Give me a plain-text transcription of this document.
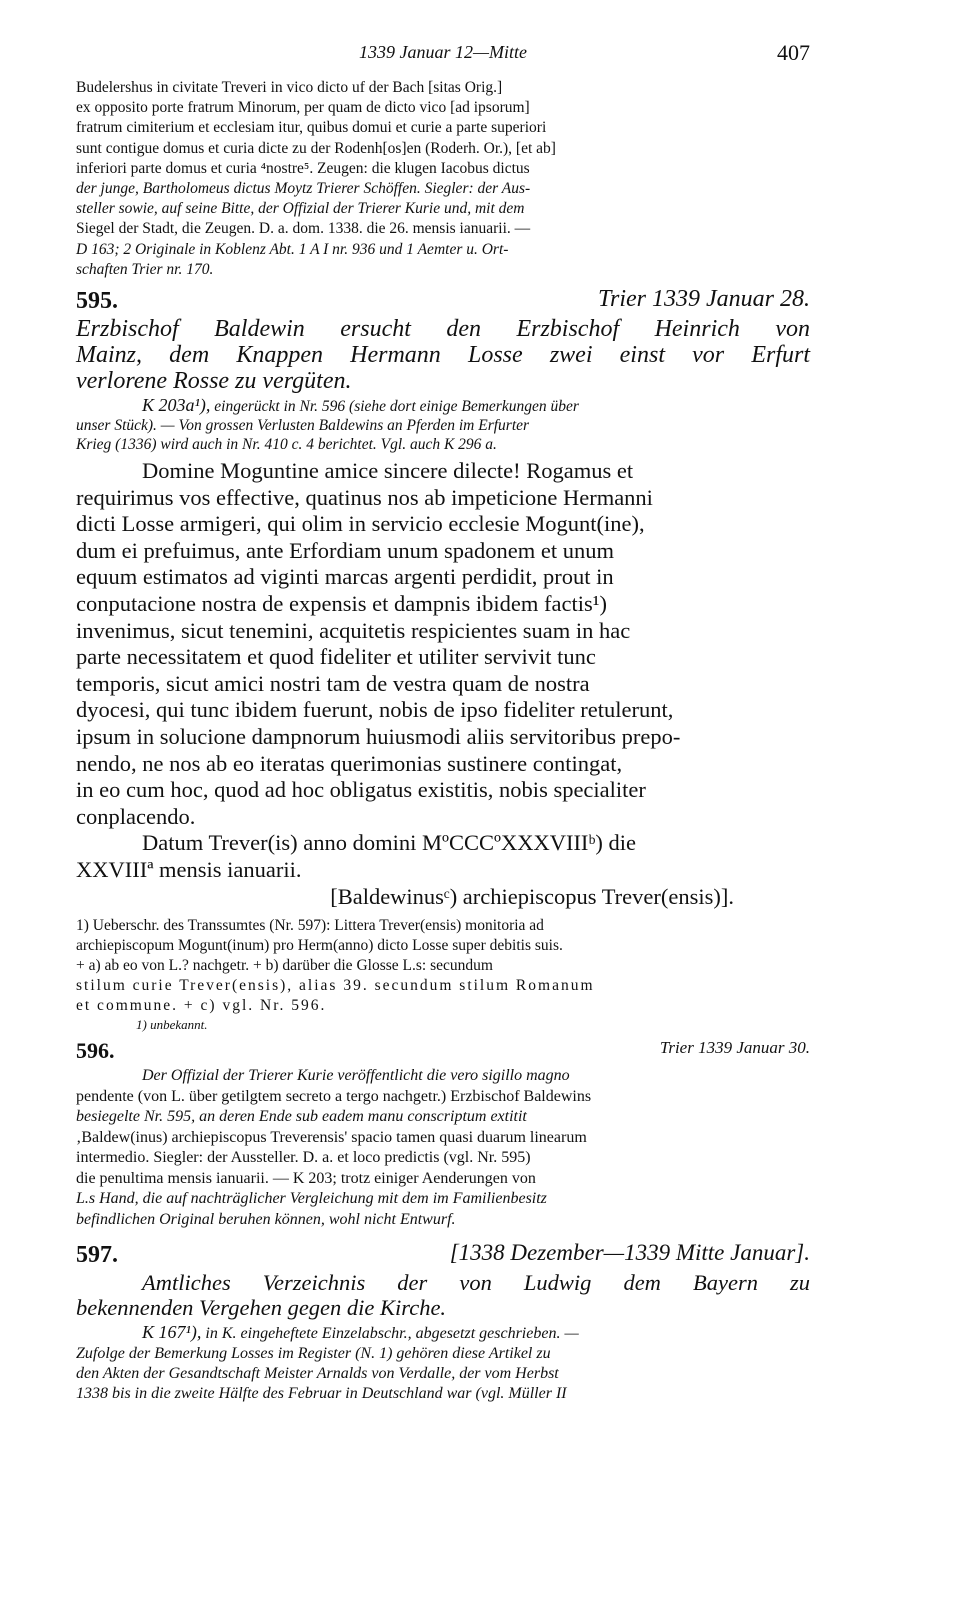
1339 Januar 12—Mitte	407
Budelershus in civitate Treveri in vico dicto uf der Bach [sitas Orig.]
ex opposito porte fratrum Minorum, per quam de dicto vico [ad ipsorum]
fratrum cimiterium et ecclesiam itur, quibus domui et curie a parte superiori
sunt contigue domus et curia dicte zu der Rodenh[os]en (Roderh. Or.), [et ab]
inferiori parte domus et curia ⁴nostre⁵. Zeugen: die klugen Iacobus dictus
der junge, Bartholomeus dictus Moytz Trierer Schöffen. Siegler: der Aus-
steller sowie, auf seine Bitte, der Offizial der Trierer Kurie und, mit dem
Siegel der Stadt, die Zeugen. D. a. dom. 1338. die 26. mensis ianuarii. —
D 163; 2 Originale in Koblenz Abt. 1 A I nr. 936 und 1 Aemter u. Ort-
schaften Trier nr. 170.
595.	Trier 1339 Januar 28.
Erzbischof Baldewin ersucht den Erzbischof Heinrich von
Mainz, dem Knappen Hermann Losse zwei einst vor Erfurt
verlorene Rosse zu vergüten.
K 203a¹), eingerückt in Nr. 596 (siehe dort einige Bemerkungen über
unser Stück). — Von grossen Verlusten Baldewins an Pferden im Erfurter
Krieg (1336) wird auch in Nr. 410 c. 4 berichtet. Vgl. auch K 296 a.
Domine Moguntine amice sincere dilecte! Rogamus et
requirimus vos effective, quatinus nos ab impeticione Hermanni
dicti Losse armigeri, qui olim in servicio ecclesie Mogunt(ine),
dum ei prefuimus, ante Erfordiam unum spadonem et unum
equum estimatos ad viginti marcas argenti perdidit, prout in
conputacione nostra de expensis et dampnis ibidem factis¹)
invenimus, sicut tenemini, acquitetis respicientes suam in hac
parte necessitatem et quod fideliter et utiliter servivit tunc
temporis, sicut amici nostri tam de vestra quam de nostra
dyocesi, qui tunc ibidem fuerunt, nobis de ipso fideliter retulerunt,
ipsum in solucione dampnorum huiusmodi aliis servitoribus prepo-
nendo, ne nos ab eo iteratas querimonias sustinere contingat,
in eo cum hoc, quod ad hoc obligatus existitis, nobis specialiter
conplacendo.
Datum Trever(is) anno domini MºCCCºXXXVIIIᵇ) die
XXVIIIª mensis ianuarii.
[Baldewinusᶜ) archiepiscopus Trever(ensis)].
1) Ueberschr. des Transsumtes (Nr. 597): Littera Trever(ensis) monitoria ad
archiepiscopum Mogunt(inum) pro Herm(anno) dicto Losse super debitis suis.
+ a) ab eo von L.? nachgetr. + b) darüber die Glosse L.s: secundum
stilum curie Trever(ensis), alias 39. secundum stilum Romanum
et commune. + c) vgl. Nr. 596.
1) unbekannt.
596.	Trier 1339 Januar 30.
Der Offizial der Trierer Kurie veröffentlicht die vero sigillo magno
pendente (von L. über getilgtem secreto a tergo nachgetr.) Erzbischof Baldewins
besiegelte Nr. 595, an deren Ende sub eadem manu conscriptum extitit
‚Baldew(inus) archiepiscopus Treverensis' spacio tamen quasi duarum linearum
intermedio. Siegler: der Aussteller. D. a. et loco predictis (vgl. Nr. 595)
die penultima mensis ianuarii. — K 203; trotz einiger Aenderungen von
L.s Hand, die auf nachträglicher Vergleichung mit dem im Familienbesitz
befindlichen Original beruhen können, wohl nicht Entwurf.
597.	[1338 Dezember—1339 Mitte Januar].
Amtliches Verzeichnis der von Ludwig dem Bayern zu
bekennenden Vergehen gegen die Kirche.
K 167¹), in K. eingeheftete Einzelabschr., abgesetzt geschrieben. —
Zufolge der Bemerkung Losses im Register (N. 1) gehören diese Artikel zu
den Akten der Gesandtschaft Meister Arnalds von Verdalle, der vom Herbst
1338 bis in die zweite Hälfte des Februar in Deutschland war (vgl. Müller II
